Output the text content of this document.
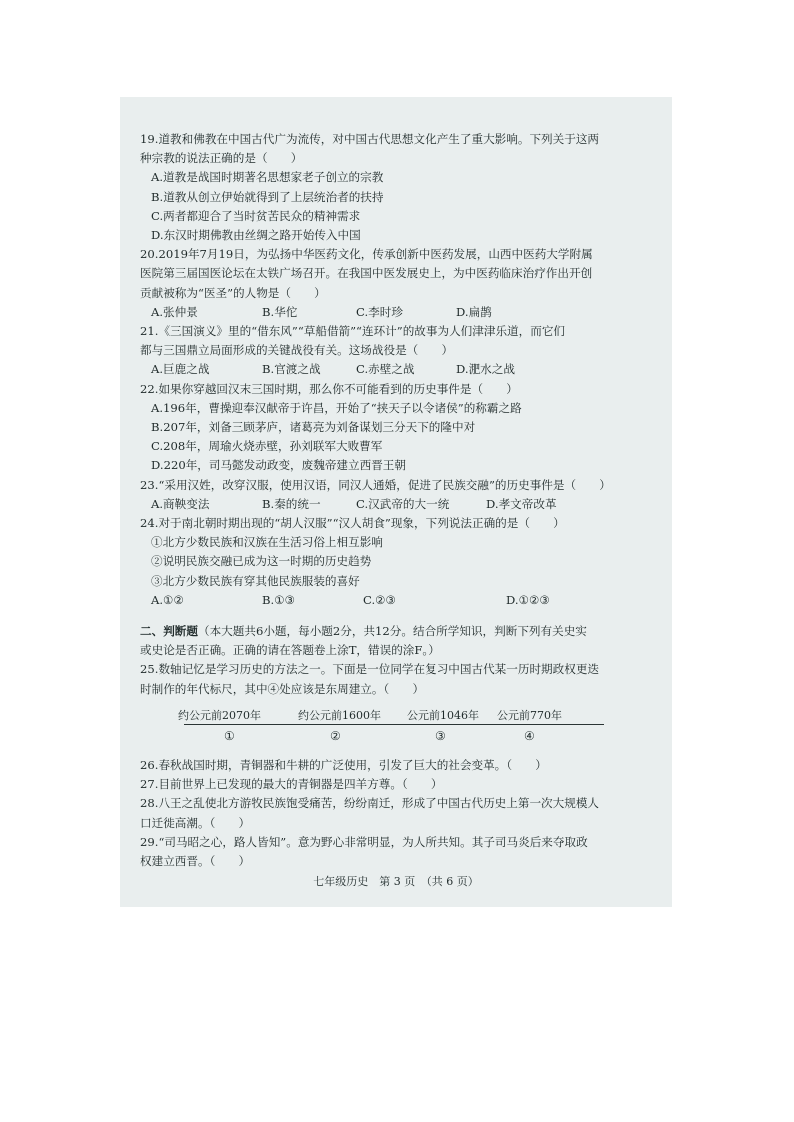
19.道教和佛教在中国古代广为流传，对中国古代思想文化产生了重大影响。下列关于这两
种宗教的说法正确的是（　　）
A.道教是战国时期著名思想家老子创立的宗教
B.道教从创立伊始就得到了上层统治者的扶持
C.两者都迎合了当时贫苦民众的精神需求
D.东汉时期佛教由丝绸之路开始传入中国
20.2019年7月19日，为弘扬中华医药文化，传承创新中医药发展，山西中医药大学附属
医院第三届国医论坛在太铁广场召开。在我国中医发展史上，为中医药临床治疗作出开创
贡献被称为“医圣”的人物是（　　）
A.张仲景	B.华佗	C.李时珍	D.扁鹊
21.《三国演义》里的“借东风”“草船借箭”“连环计”的故事为人们津津乐道，而它们
都与三国鼎立局面形成的关键战役有关。这场战役是（　　）
A.巨鹿之战	B.官渡之战	C.赤壁之战	D.淝水之战
22.如果你穿越回汉末三国时期，那么你不可能看到的历史事件是（　　）
A.196年，曹操迎奉汉献帝于许昌，开始了“挟天子以令诸侯”的称霸之路
B.207年，刘备三顾茅庐，诸葛亮为刘备谋划三分天下的隆中对
C.208年，周瑜火烧赤壁，孙刘联军大败曹军
D.220年，司马懿发动政变，废魏帝建立西晋王朝
23.“采用汉姓，改穿汉服，使用汉语，同汉人通婚，促进了民族交融”的历史事件是（　　）
A.商鞅变法	B.秦的统一	C.汉武帝的大一统	D.孝文帝改革
24.对于南北朝时期出现的“胡人汉服”“汉人胡食”现象，下列说法正确的是（　　）
①北方少数民族和汉族在生活习俗上相互影响
②说明民族交融已成为这一时期的历史趋势
③北方少数民族有穿其他民族服装的喜好
A.①②	B.①③	C.②③	D.①②③
二、判断题（本大题共6小题，每小题2分，共12分。结合所学知识，判断下列有关史实
或史论是否正确。正确的请在答题卷上涂T，错误的涂F。）
25.数轴记忆是学习历史的方法之一。下面是一位同学在复习中国古代某一历时期政权更迭
时制作的年代标尺，其中④处应该是东周建立。（　　）
约公元前2070年	约公元前1600年 公元前1046年 公元前770年
①	②	③	④
26.春秋战国时期，青铜器和牛耕的广泛使用，引发了巨大的社会变革。（　　）
27.目前世界上已发现的最大的青铜器是四羊方尊。（　　）
28.八王之乱使北方游牧民族饱受痛苦，纷纷南迁，形成了中国古代历史上第一次大规模人
口迁徙高潮。（　　）
29.“司马昭之心，路人皆知”。意为野心非常明显，为人所共知。其子司马炎后来夺取政
权建立西晋。（　　）
七年级历史　第 3 页　（共 6 页）
